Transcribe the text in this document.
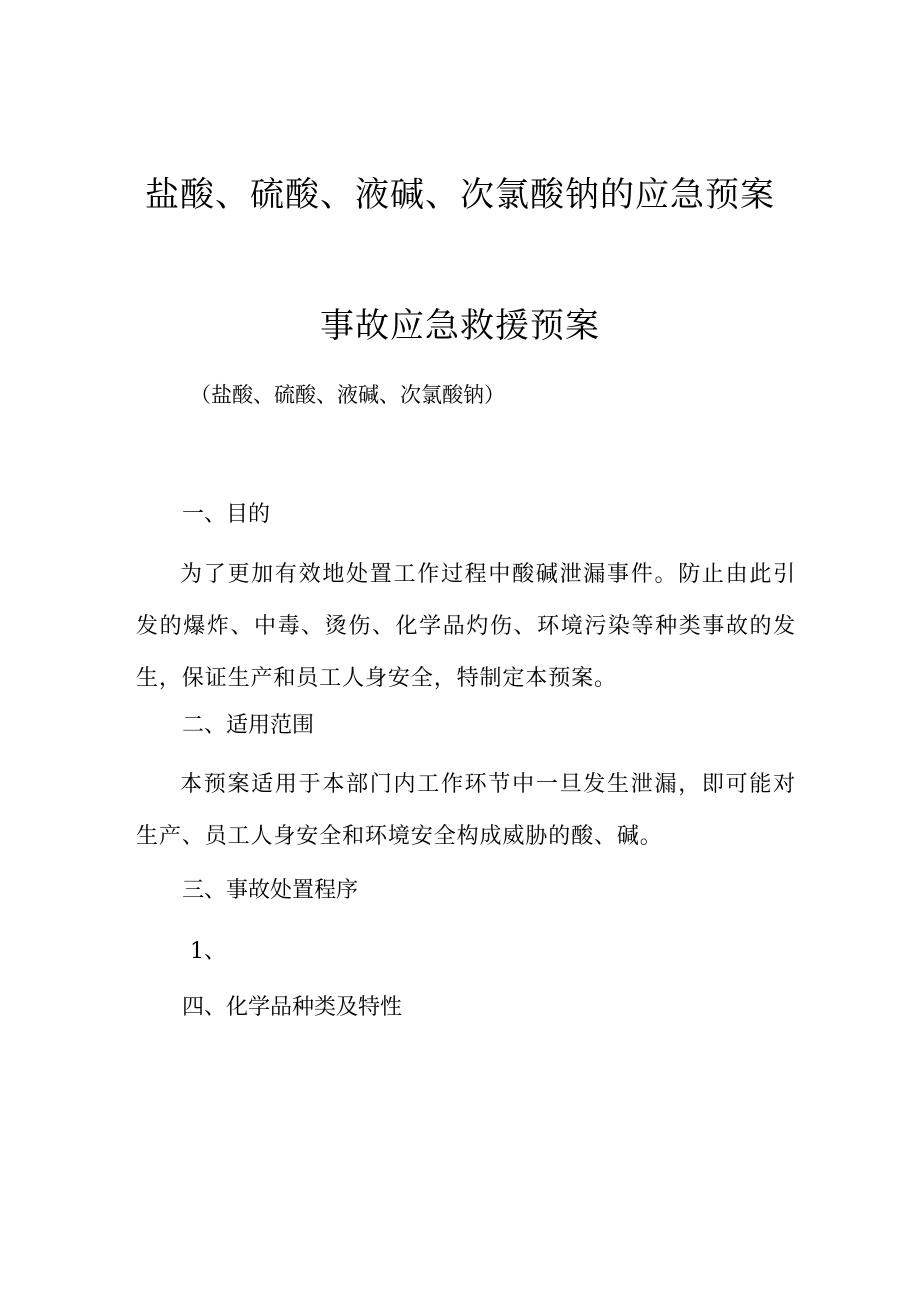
盐酸、硫酸、液碱、次氯酸钠的应急预案
事故应急救援预案
（盐酸、硫酸、液碱、次氯酸钠）
一、目的

为了更加有效地处置工作过程中酸碱泄漏事件。防止由此引发的爆炸、中毒、烫伤、化学品灼伤、环境污染等种类事故的发生，保证生产和员工人身安全，特制定本预案。

二、适用范围

本预案适用于本部门内工作环节中一旦发生泄漏，即可能对生产、员工人身安全和环境安全构成威胁的酸、碱。

三、事故处置程序
1、
四、化学品种类及特性
